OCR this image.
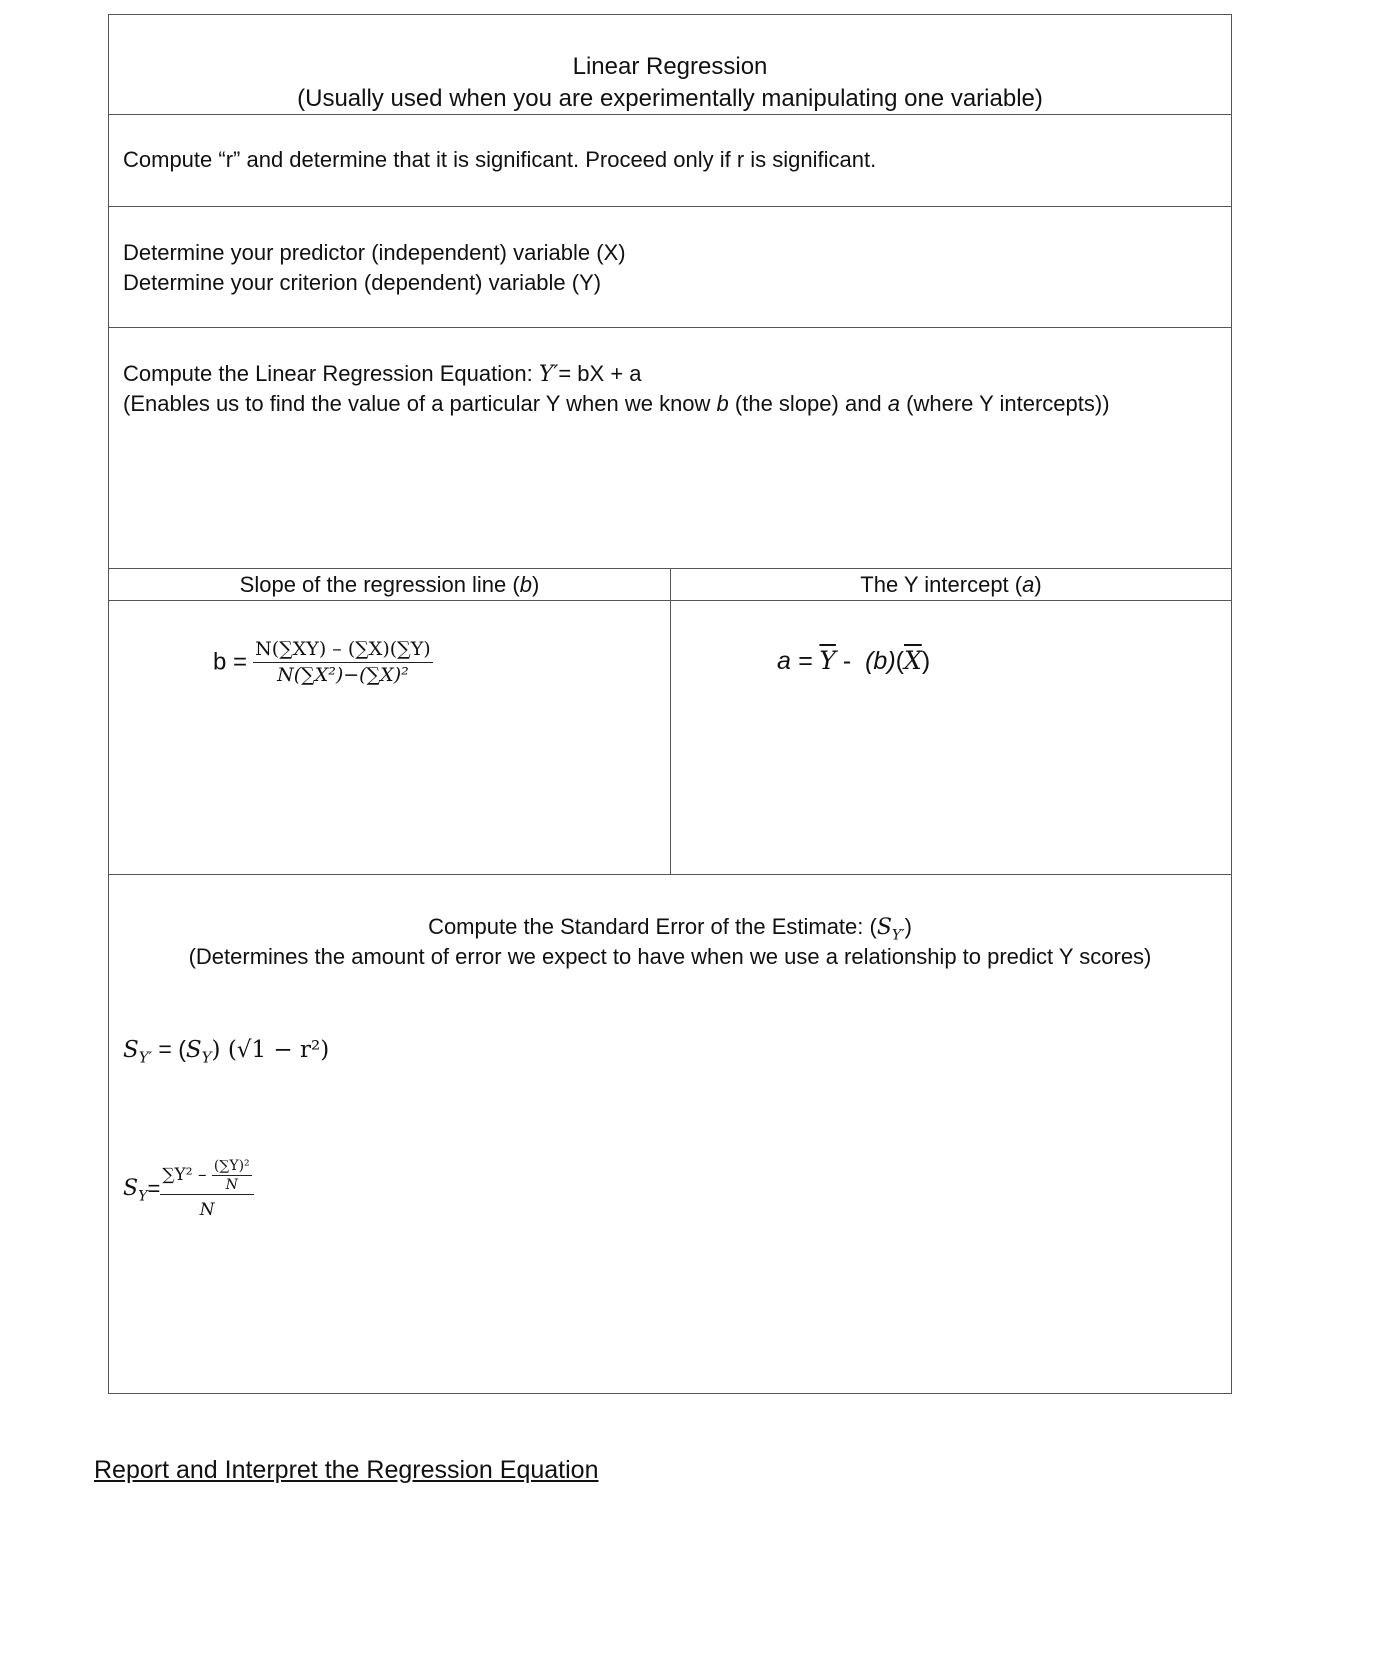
Linear Regression
(Usually used when you are experimentally manipulating one variable)
Compute “r” and determine that it is significant. Proceed only if r is significant.
Determine your predictor (independent) variable (X)
Determine your criterion (dependent) variable (Y)
Compute the Linear Regression Equation: Y′= bX + a
(Enables us to find the value of a particular Y when we know b (the slope) and a (where Y intercepts))
Slope of the regression line (b)	The Y intercept (a)
$b = \frac{N(\sum XY) - (\sum X)(\sum Y)}{\text{N(∑X²)−(∑X)²}}$	$a = \overline{Y} - (b)(\overline{X})$
Compute the Standard Error of the Estimate: $(S_{Y'})$
(Determines the amount of error we expect to have when we use a relationship to predict Y scores)
$S_{Y'} = (S_Y) (√1 - r^2)$
$S_Y= \frac{\sum Y^2 - \frac{\text{(∑Y)²}}{N}}{N}$
Report and Interpret the Regression Equation
